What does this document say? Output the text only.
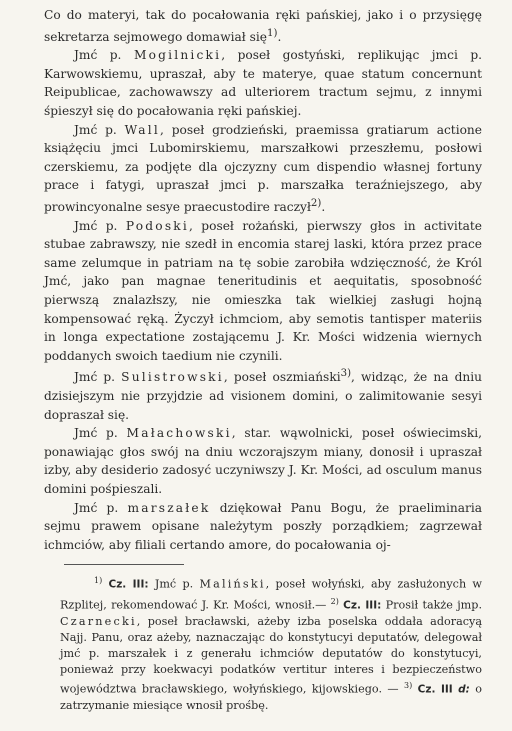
Co do materyi, tak do pocałowania ręki pańskiej, jako i o przysięgę sekretarza sejmowego domawiał się$^{1)}$.

Jmć p. Mogilnicki, poseł gostyński, replikując jmci p. Karwowskiemu, upraszał, aby te materye, quae statum concernunt Reipublicae, zachowawszy ad ulteriorem tractum sejmu, z innymi śpieszył się do pocałowania ręki pańskiej.

Jmć p. Wall, poseł grodzieński, praemissa gratiarum actione książęciu jmci Lubomirskiemu, marszałkowi przeszłemu, posłowi czerskiemu, za podjęte dla ojczyzny cum dispendio własnej fortuny prace i fatygi, upraszał jmci p. marszałka teraźniejszego, aby prowincyonalne sesye praecustodire raczył$^{2)}$.

Jmć p. Podoski, poseł rożański, pierwszy głos in activitate stubae zabrawszy, nie szedł in encomia starej laski, która przez prace same zelumque in patriam na tę sobie zarobiła wdzięczność, że Król Jmć, jako pan magnae teneritudinis et aequitatis, sposobność pierwszą znalazłszy, nie omieszka tak wielkiej zasługi hojną kompensować ręką. Życzył ichmciom, aby semotis tantisper materiis in longa expectatione zostającemu J. Kr. Mości widzenia wiernych poddanych swoich taedium nie czynili.

Jmć p. Sulistrowski, poseł oszmiański$^{3)}$, widząc, że na dniu dzisiejszym nie przyjdzie ad visionem domini, o zalimitowanie sesyi dopraszał się.

Jmć p. Małachowski, star. wąwolnicki, poseł oświecimski, ponawiając głos swój na dniu wczorajszym miany, donosił i upraszał izby, aby desiderio zadosyć uczyniwszy J. Kr. Mości, ad osculum manus domini pośpieszali.

Jmć p. marszałek dziękował Panu Bogu, że praeliminaria sejmu prawem opisane należytym poszły porządkiem; zagrzewał ichmciów, aby filiali certando amore, do pocałowania oj-

$^{1)}$ Cz. III: Jmć p. Maliński, poseł wołyński, aby zasłużonych w Rzplitej, rekomendować J. Kr. Mości, wnosił.— $^{2)}$ Cz. III: Prosił także jmp. Czarnecki, poseł bracławski, ażeby izba poselska oddała adoracyą Najj. Panu, oraz ażeby, naznaczając do konstytucyi deputatów, delegował jmć p. marszałek i z generału ichmciów deputatów do konstytucyi, ponieważ przy koekwacyi podatków vertitur interes i bezpieczeństwo województwa bracławskiego, wołyńskiego, kijowskiego. — $^{3)}$ Cz. III d: o zatrzymanie miesiące wnosił prośbę.
